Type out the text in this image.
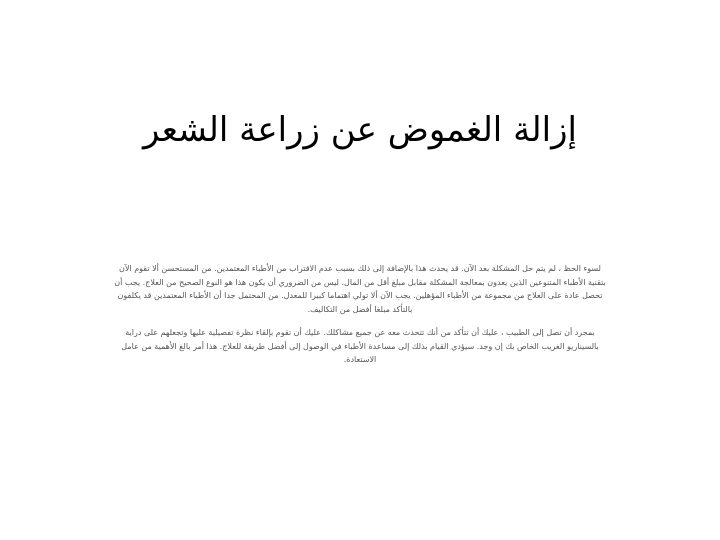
إزالة الغموض عن زراعة الشعر

لسوء الحظ ، لم يتم حل المشكلة بعد الآن. قد يحدث هذا بالإضافة إلى ذلك بسبب عدم الاقتراب من الأطباء المعتمدين. من المستحسن ألا تقوم الآن بتقنية الأطباء المتنوعين الذين يعدون بمعالجة المشكلة مقابل مبلغ أقل من المال. ليس من الضروري أن يكون هذا هو النوع الصحيح من العلاج. يجب أن تحصل عادة على العلاج من مجموعة من الأطباء المؤهلين. يجب الآن ألا تولي اهتماما كبيرا للمعدل. من المحتمل جدا أن الأطباء المعتمدين قد يكلفون بالتأكد مبلغا أفضل من التكاليف.

بمجرد أن تصل إلى الطبيب ، عليك أن تتأكد من أنك تتحدث معه عن جميع مشاكلك. عليك أن تقوم بإلقاء نظرة تفصيلية عليها وتجعلهم على دراية بالسيناريو الغريب الخاص بك إن وجد. سيؤدي القيام بذلك إلى مساعدة الأطباء في الوصول إلى أفضل طريقة للعلاج. هذا أمر بالغ الأهمية من عامل الاستعادة.
